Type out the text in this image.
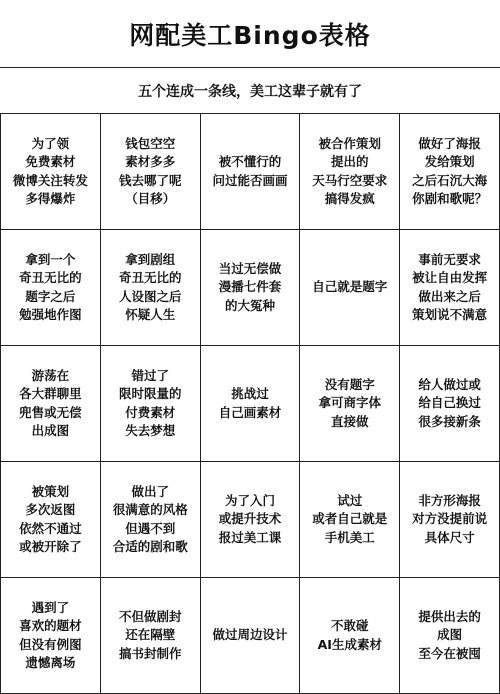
网配美工Bingo表格
五个连成一条线，美工这辈子就有了
为了领
免费素材
微博关注转发
多得爆炸
钱包空空
素材多多
钱去哪了呢
（目移）
被不懂行的
问过能否画画
被合作策划
提出的
天马行空要求
搞得发疯
做好了海报
发给策划
之后石沉大海
你剧和歌呢？
拿到一个
奇丑无比的
题字之后
勉强地作图
拿到剧组
奇丑无比的
人设图之后
怀疑人生
当过无偿做
漫播七件套
的大冤种
自己就是题字
事前无要求
被让自由发挥
做出来之后
策划说不满意
游荡在
各大群聊里
兜售或无偿
出成图
错过了
限时限量的
付费素材
失去梦想
挑战过
自己画素材
没有题字
拿可商字体
直接做
给人做过或
给自己换过
很多接新条
被策划
多次返图
依然不通过
或被开除了
做出了
很满意的风格
但遇不到
合适的剧和歌
为了入门
或提升技术
报过美工课
试过
或者自己就是
手机美工
非方形海报
对方没提前说
具体尺寸
遇到了
喜欢的题材
但没有例图
遗憾离场
不但做剧封
还在隔壁
搞书封制作
做过周边设计
不敢碰
AI生成素材
提供出去的
成图
至今在被囤
